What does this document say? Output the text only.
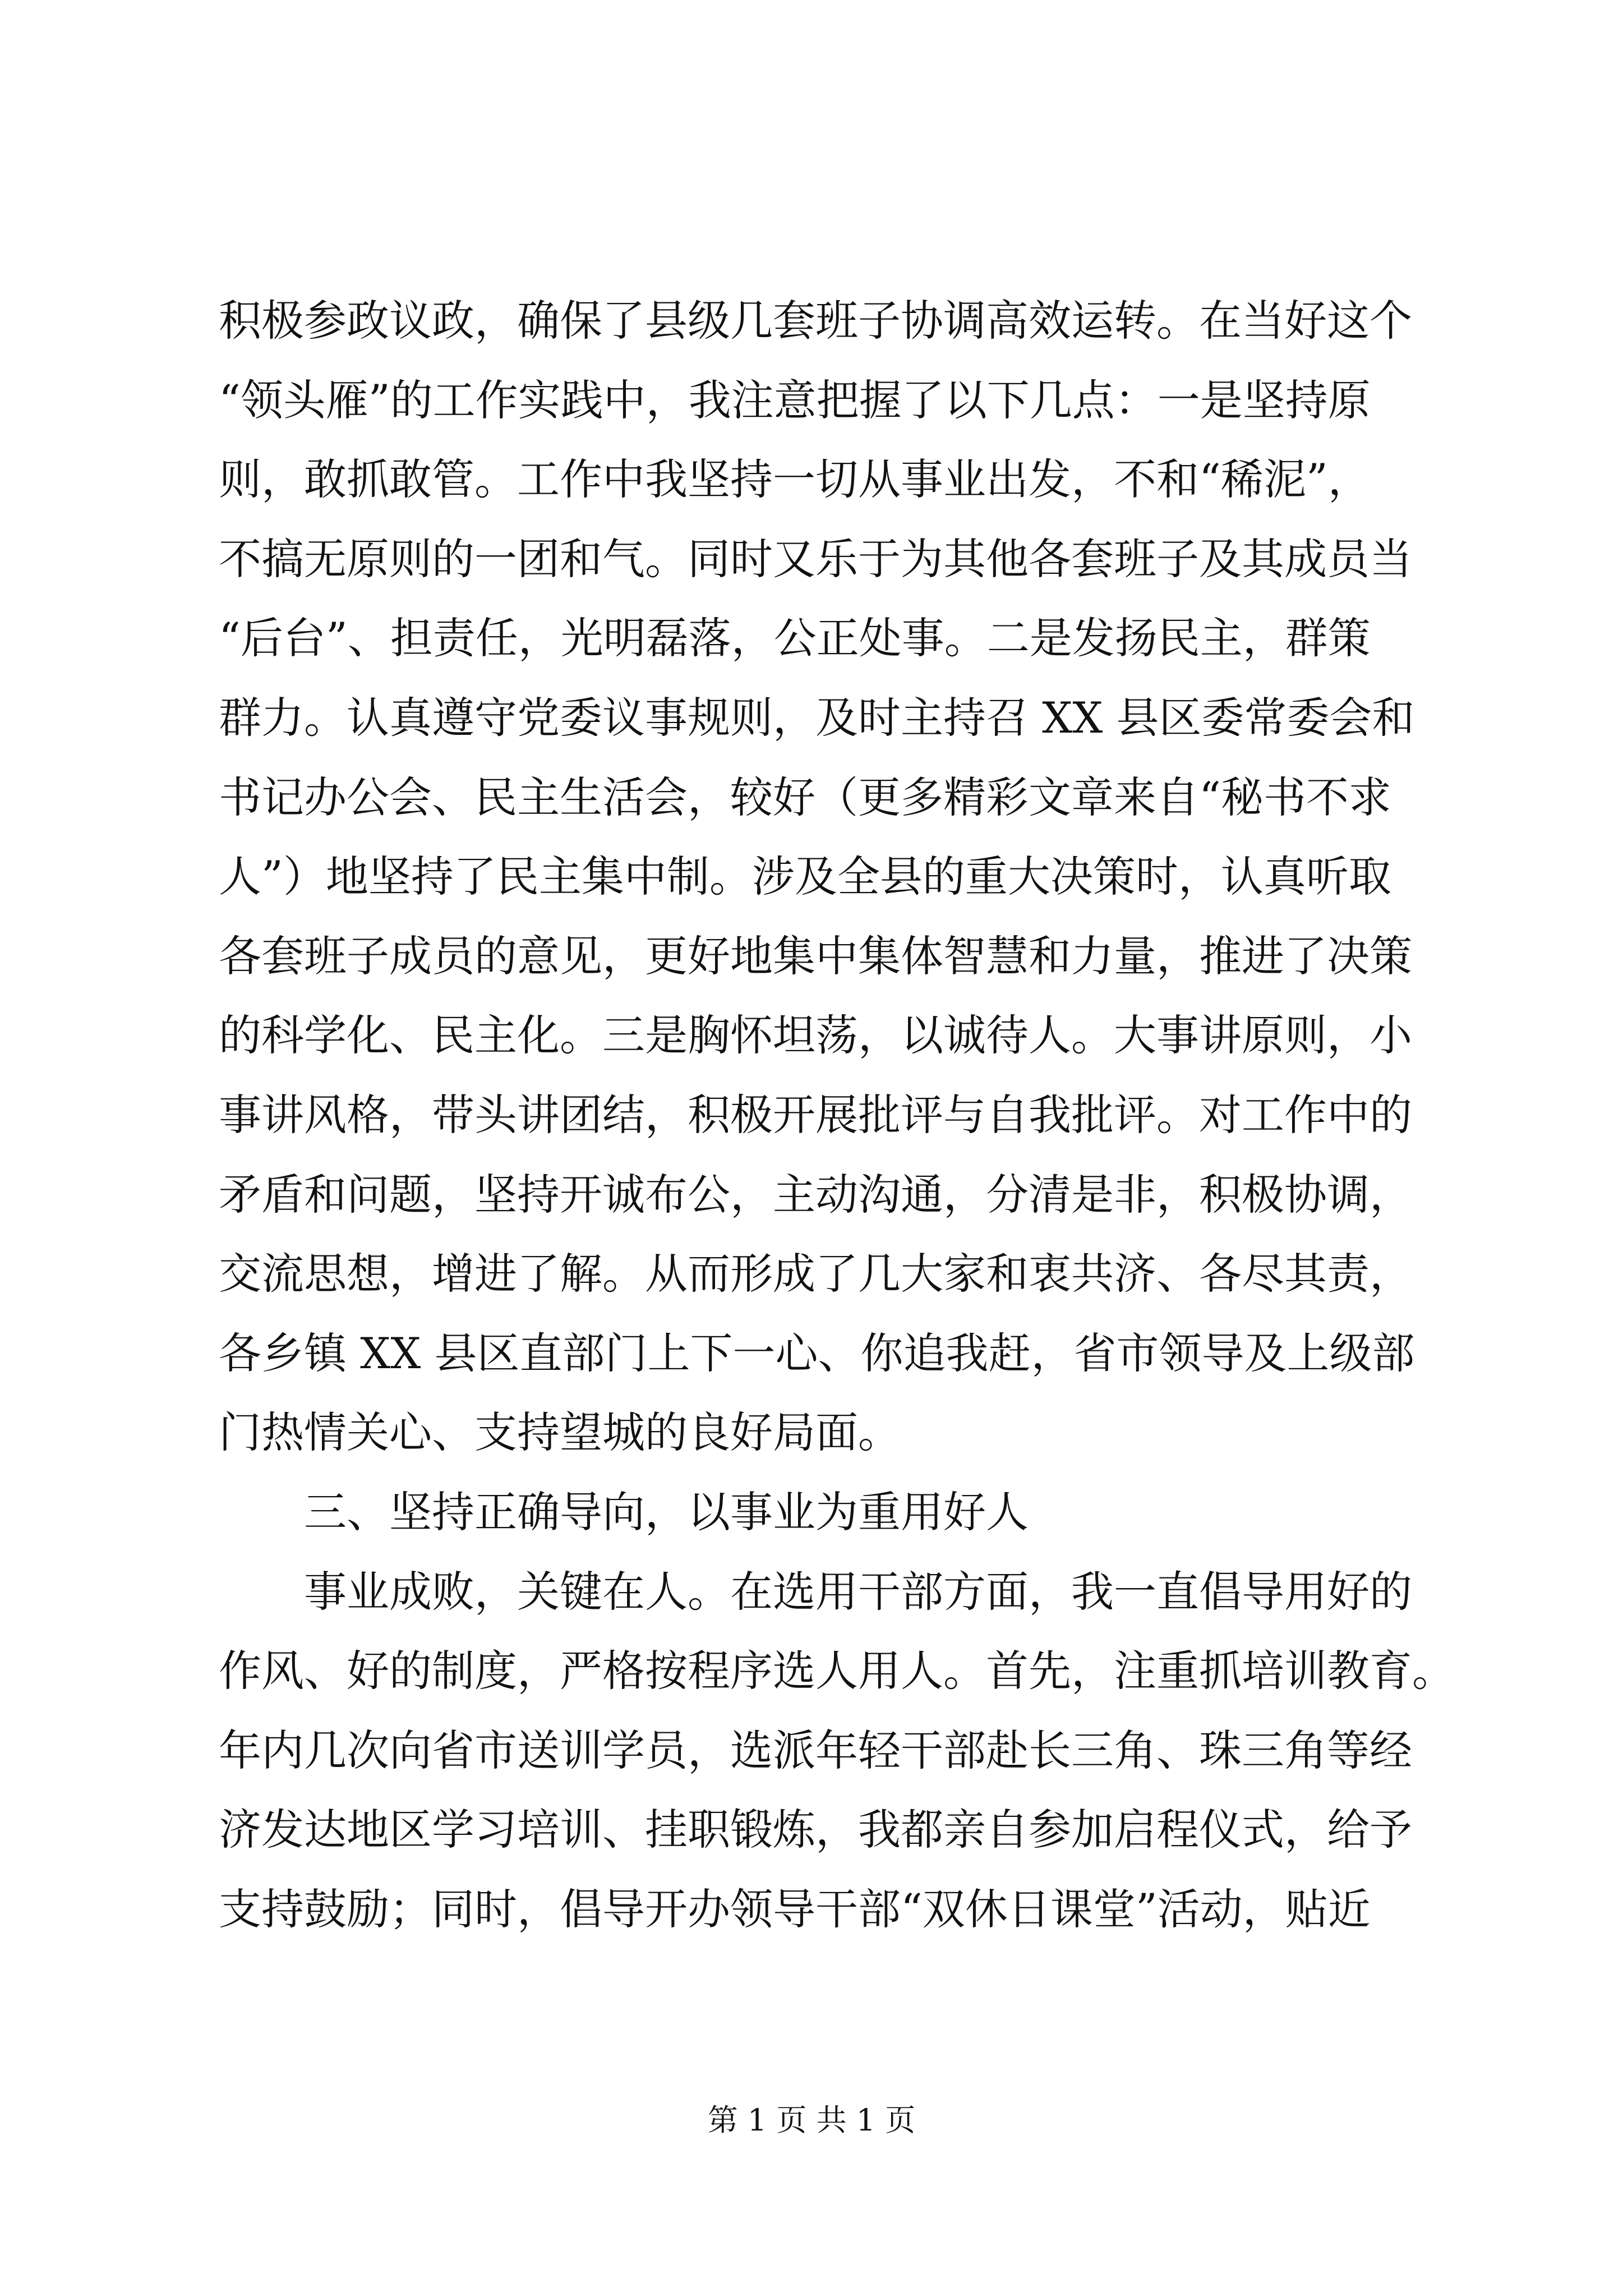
积极参政议政，确保了县级几套班子协调高效运转。在当好这个
“领头雁”的工作实践中，我注意把握了以下几点：一是坚持原
则，敢抓敢管。工作中我坚持一切从事业出发，不和“稀泥”，
不搞无原则的一团和气。同时又乐于为其他各套班子及其成员当
“后台”、担责任，光明磊落，公正处事。二是发扬民主，群策
群力。认真遵守党委议事规则，及时主持召 XX 县区委常委会和
书记办公会、民主生活会，较好（更多精彩文章来自“秘书不求
人”）地坚持了民主集中制。涉及全县的重大决策时，认真听取
各套班子成员的意见，更好地集中集体智慧和力量，推进了决策
的科学化、民主化。三是胸怀坦荡，以诚待人。大事讲原则，小
事讲风格，带头讲团结，积极开展批评与自我批评。对工作中的
矛盾和问题，坚持开诚布公，主动沟通，分清是非，积极协调，
交流思想，增进了解。从而形成了几大家和衷共济、各尽其责，
各乡镇 XX 县区直部门上下一心、你追我赶，省市领导及上级部
门热情关心、支持望城的良好局面。
　　三、坚持正确导向，以事业为重用好人
　　事业成败，关键在人。在选用干部方面，我一直倡导用好的
作风、好的制度，严格按程序选人用人。首先，注重抓培训教育。
年内几次向省市送训学员，选派年轻干部赴长三角、珠三角等经
济发达地区学习培训、挂职锻炼，我都亲自参加启程仪式，给予
支持鼓励；同时，倡导开办领导干部“双休日课堂”活动，贴近
第 1 页 共 1 页
